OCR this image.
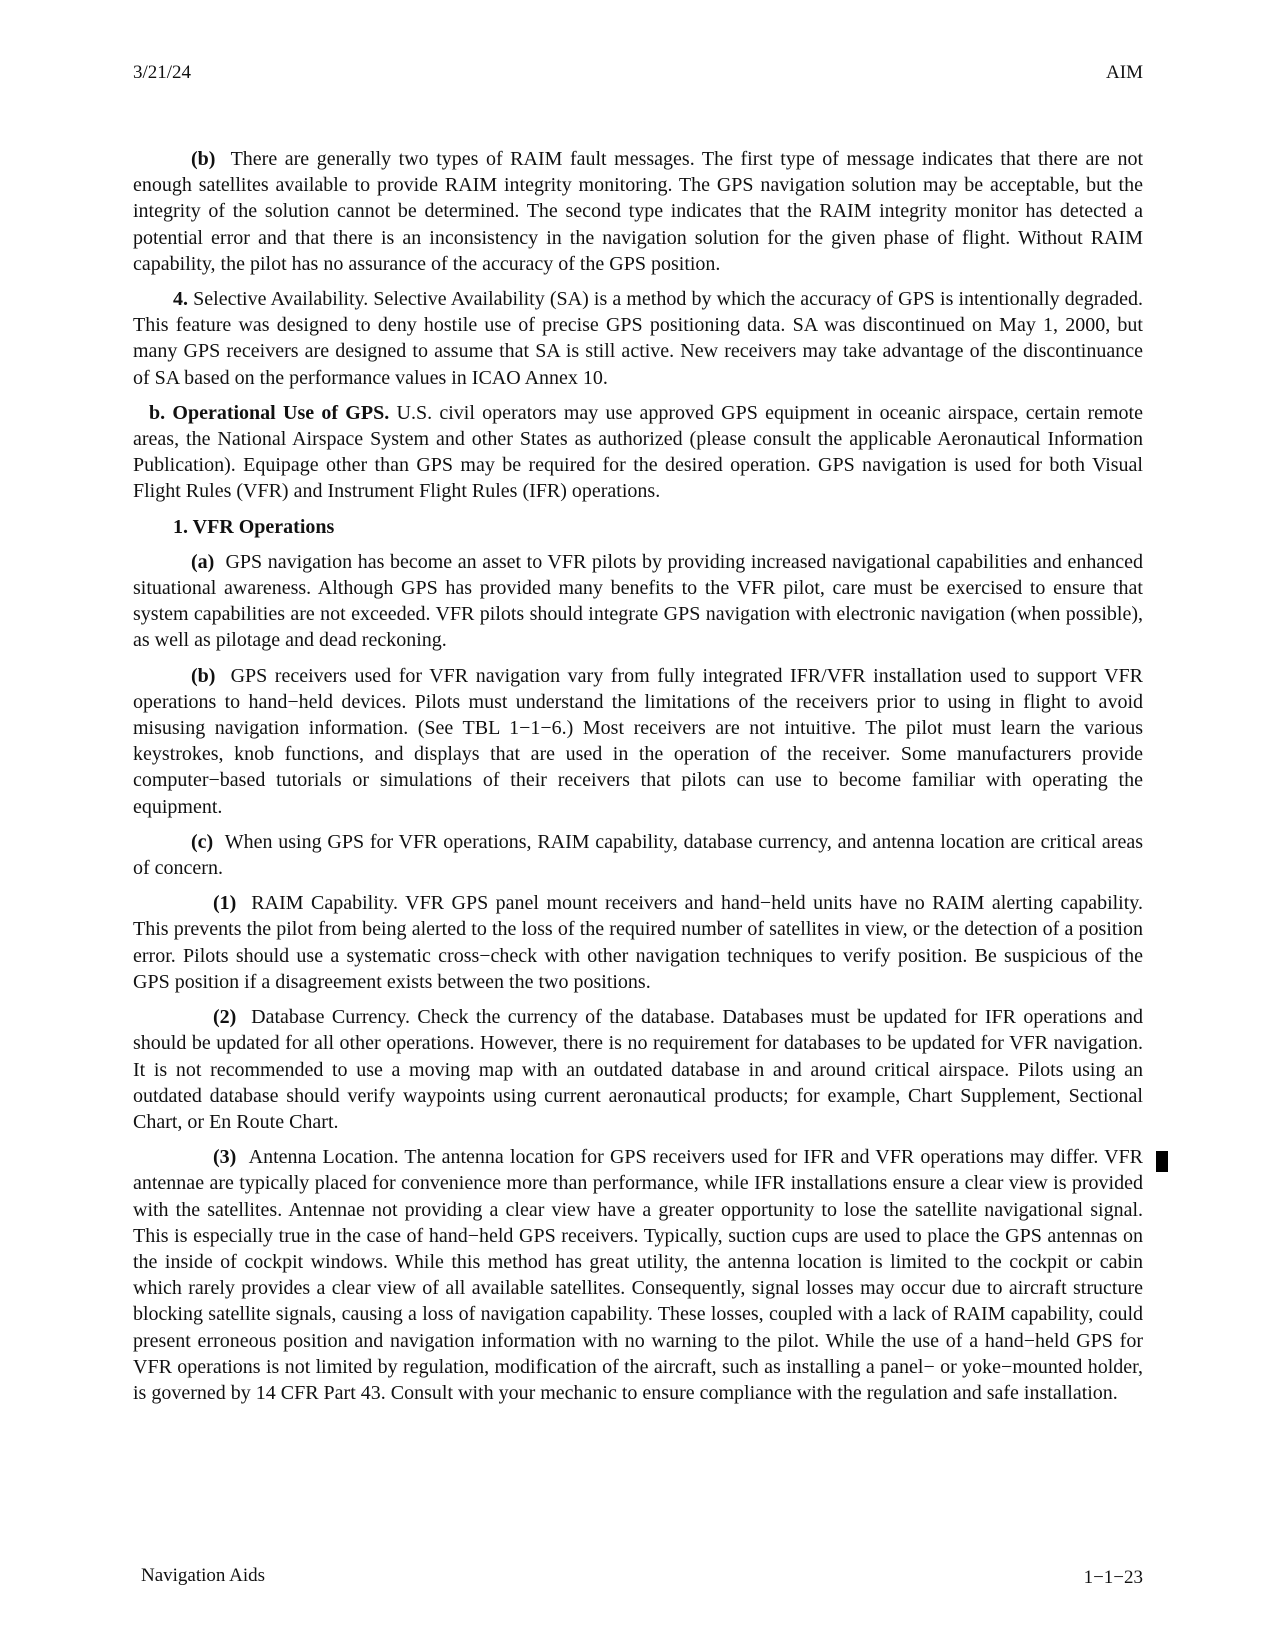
3/21/24	AIM

(b) There are generally two types of RAIM fault messages. The first type of message indicates that there are not enough satellites available to provide RAIM integrity monitoring. The GPS navigation solution may be acceptable, but the integrity of the solution cannot be determined. The second type indicates that the RAIM integrity monitor has detected a potential error and that there is an inconsistency in the navigation solution for the given phase of flight. Without RAIM capability, the pilot has no assurance of the accuracy of the GPS position.

4. Selective Availability. Selective Availability (SA) is a method by which the accuracy of GPS is intentionally degraded. This feature was designed to deny hostile use of precise GPS positioning data. SA was discontinued on May 1, 2000, but many GPS receivers are designed to assume that SA is still active. New receivers may take advantage of the discontinuance of SA based on the performance values in ICAO Annex 10.

b. Operational Use of GPS. U.S. civil operators may use approved GPS equipment in oceanic airspace, certain remote areas, the National Airspace System and other States as authorized (please consult the applicable Aeronautical Information Publication). Equipage other than GPS may be required for the desired operation. GPS navigation is used for both Visual Flight Rules (VFR) and Instrument Flight Rules (IFR) operations.

1. VFR Operations

(a) GPS navigation has become an asset to VFR pilots by providing increased navigational capabilities and enhanced situational awareness. Although GPS has provided many benefits to the VFR pilot, care must be exercised to ensure that system capabilities are not exceeded. VFR pilots should integrate GPS navigation with electronic navigation (when possible), as well as pilotage and dead reckoning.

(b) GPS receivers used for VFR navigation vary from fully integrated IFR/VFR installation used to support VFR operations to hand−held devices. Pilots must understand the limitations of the receivers prior to using in flight to avoid misusing navigation information. (See TBL 1−1−6.) Most receivers are not intuitive. The pilot must learn the various keystrokes, knob functions, and displays that are used in the operation of the receiver. Some manufacturers provide computer−based tutorials or simulations of their receivers that pilots can use to become familiar with operating the equipment.

(c) When using GPS for VFR operations, RAIM capability, database currency, and antenna location are critical areas of concern.

(1) RAIM Capability. VFR GPS panel mount receivers and hand−held units have no RAIM alerting capability. This prevents the pilot from being alerted to the loss of the required number of satellites in view, or the detection of a position error. Pilots should use a systematic cross−check with other navigation techniques to verify position. Be suspicious of the GPS position if a disagreement exists between the two positions.

(2) Database Currency. Check the currency of the database. Databases must be updated for IFR operations and should be updated for all other operations. However, there is no requirement for databases to be updated for VFR navigation. It is not recommended to use a moving map with an outdated database in and around critical airspace. Pilots using an outdated database should verify waypoints using current aeronautical products; for example, Chart Supplement, Sectional Chart, or En Route Chart.

(3) Antenna Location. The antenna location for GPS receivers used for IFR and VFR operations may differ. VFR antennae are typically placed for convenience more than performance, while IFR installations ensure a clear view is provided with the satellites. Antennae not providing a clear view have a greater opportunity to lose the satellite navigational signal. This is especially true in the case of hand−held GPS receivers. Typically, suction cups are used to place the GPS antennas on the inside of cockpit windows. While this method has great utility, the antenna location is limited to the cockpit or cabin which rarely provides a clear view of all available satellites. Consequently, signal losses may occur due to aircraft structure blocking satellite signals, causing a loss of navigation capability. These losses, coupled with a lack of RAIM capability, could present erroneous position and navigation information with no warning to the pilot. While the use of a hand−held GPS for VFR operations is not limited by regulation, modification of the aircraft, such as installing a panel− or yoke−mounted holder, is governed by 14 CFR Part 43. Consult with your mechanic to ensure compliance with the regulation and safe installation.

Navigation Aids	1−1−23
